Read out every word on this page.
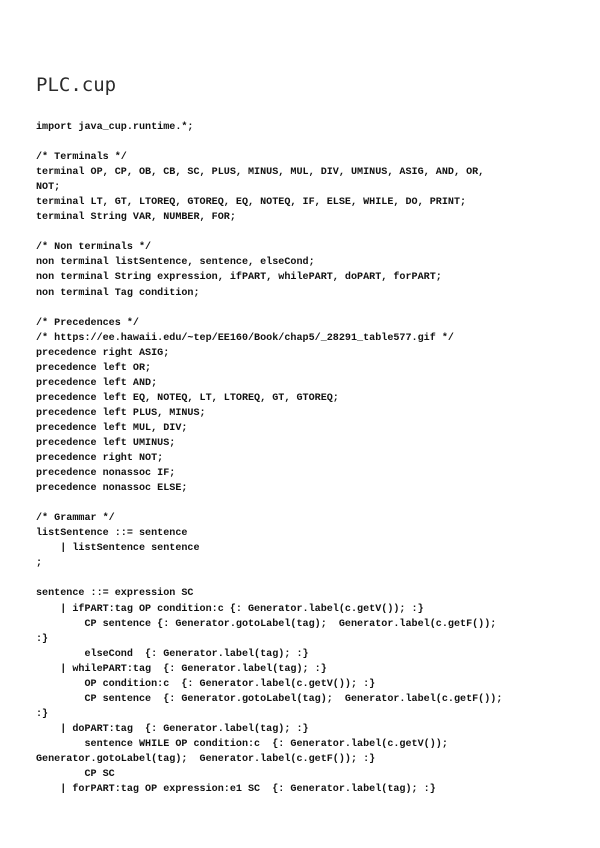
PLC.cup
import java_cup.runtime.*;
/* Terminals */
terminal OP, CP, OB, CB, SC, PLUS, MINUS, MUL, DIV, UMINUS, ASIG, AND, OR,
NOT;
terminal LT, GT, LTOREQ, GTOREQ, EQ, NOTEQ, IF, ELSE, WHILE, DO, PRINT;
terminal String VAR, NUMBER, FOR;
/* Non terminals */
non terminal listSentence, sentence, elseCond;
non terminal String expression, ifPART, whilePART, doPART, forPART;
non terminal Tag condition;
/* Precedences */
/* https://ee.hawaii.edu/~tep/EE160/Book/chap5/_28291_table577.gif */
precedence right ASIG;
precedence left OR;
precedence left AND;
precedence left EQ, NOTEQ, LT, LTOREQ, GT, GTOREQ;
precedence left PLUS, MINUS;
precedence left MUL, DIV;
precedence left UMINUS;
precedence right NOT;
precedence nonassoc IF;
precedence nonassoc ELSE;
/* Grammar */
listSentence ::= sentence
| listSentence sentence
;
sentence ::= expression SC
| ifPART:tag OP condition:c {: Generator.label(c.getV()); :}
CP sentence {: Generator.gotoLabel(tag);  Generator.label(c.getF());
:}
elseCond  {: Generator.label(tag); :}
| whilePART:tag  {: Generator.label(tag); :}
OP condition:c  {: Generator.label(c.getV()); :}
CP sentence  {: Generator.gotoLabel(tag);  Generator.label(c.getF());
:}
| doPART:tag  {: Generator.label(tag); :}
sentence WHILE OP condition:c  {: Generator.label(c.getV());
Generator.gotoLabel(tag);  Generator.label(c.getF()); :}
CP SC
| forPART:tag OP expression:e1 SC  {: Generator.label(tag); :}
